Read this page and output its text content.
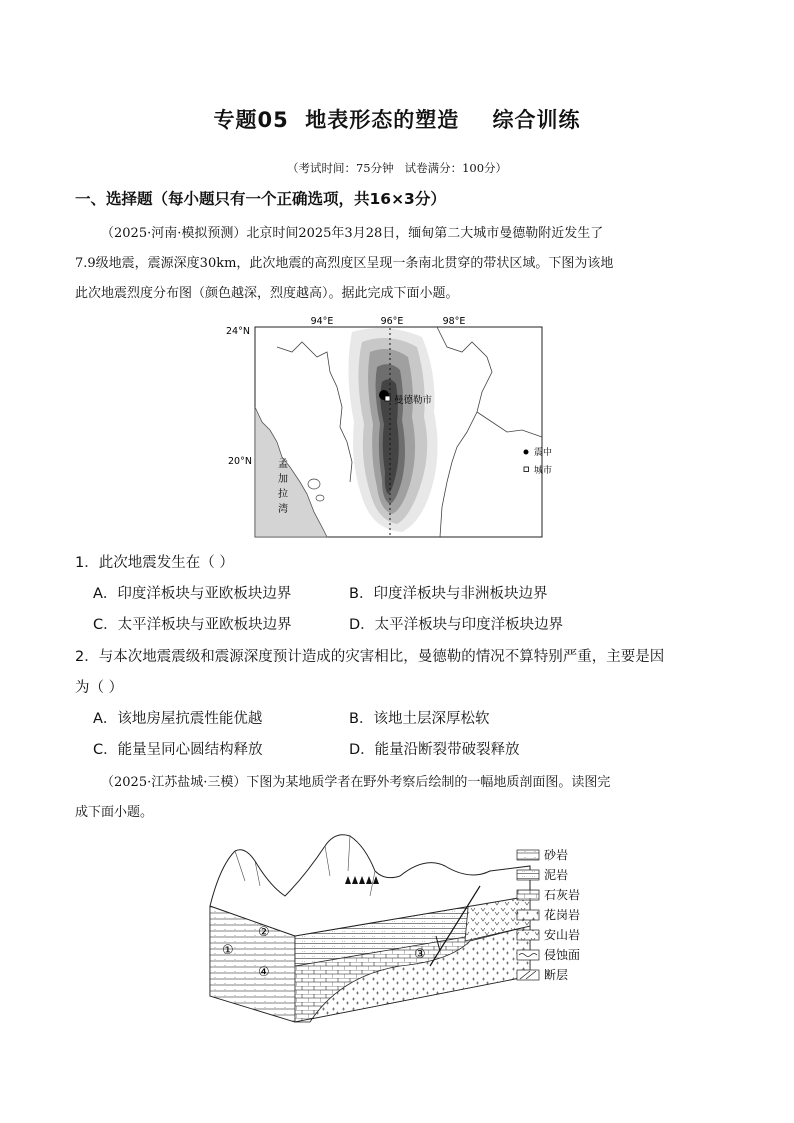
专题05  地表形态的塑造    综合训练
（考试时间：75分钟   试卷满分：100分）
一、选择题（每小题只有一个正确选项，共16×3分）
（2025·河南·模拟预测）北京时间2025年3月28日，缅甸第二大城市曼德勒附近发生了
7.9级地震，震源深度30km，此次地震的高烈度区呈现一条南北贯穿的带状区域。下图为该地
此次地震烈度分布图（颜色越深，烈度越高）。据此完成下面小题。
94°E	96°E	98°E
24°N
20°N
曼德勒市
孟
加
拉
湾
震中
城市
1．此次地震发生在（ ）
A．印度洋板块与亚欧板块边界	B．印度洋板块与非洲板块边界
C．太平洋板块与亚欧板块边界	D．太平洋板块与印度洋板块边界
2．与本次地震震级和震源深度预计造成的灾害相比，曼德勒的情况不算特别严重，主要是因
为（ ）
A．该地房屋抗震性能优越	B．该地土层深厚松软
C．能量呈同心圆结构释放	D．能量沿断裂带破裂释放
（2025·江苏盐城·三模）下图为某地质学者在野外考察后绘制的一幅地质剖面图。读图完
成下面小题。
①
②
③
④
砂岩
泥岩
石灰岩
花岗岩
安山岩
侵蚀面
断层
